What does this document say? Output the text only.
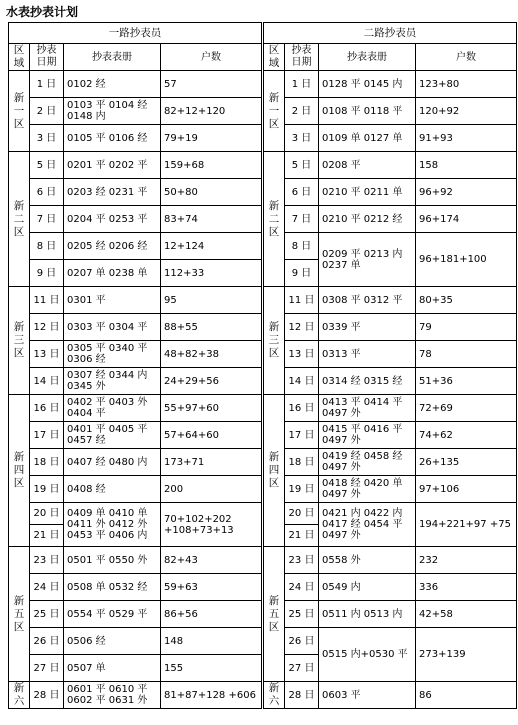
水表抄表计划
一路抄表员			
区域	抄表日期	抄表表册	户数
新一区	1 日	0102 经	57
	2 日	0103 平 0104 经 0148 内	82+12+120
	3 日	0105 平 0106 经	79+19
新二区	5 日	0201 平 0202 平	159+68
	6 日	0203 经 0231 平	50+80
	7 日	0204 平 0253 平	83+74
	8 日	0205 经 0206 经	12+124
	9 日	0207 单 0238 单	112+33
新三区	11 日	0301 平	95
	12 日	0303 平 0304 平	88+55
	13 日	0305 平 0340 平 0306 经	48+82+38
	14 日	0307 经 0344 内 0345 外	24+29+56
新四区	16 日	0402 平 0403 外 0404 平	55+97+60
	17 日	0401 平 0405 平 0457 经	57+64+60
	18 日	0407 经 0480 内	173+71
	19 日	0408 经	200
	20 日	0409 单 0410 单 0411 外 0412 外 0453 平 0406 内	70+102+202 +108+73+13
	21 日		
新五区	23 日	0501 平 0550 外	82+43
	24 日	0508 单 0532 经	59+63
	25 日	0554 平 0529 平	86+56
	26 日	0506 经	148
	27 日	0507 单	155
新六	28 日	0601 平 0610 平 0602 平 0631 外	81+87+128 +606
二路抄表员			
区域	抄表日期	抄表表册	户数
新一区	1 日	0128 平 0145 内	123+80
	2 日	0108 平 0118 平	120+92
	3 日	0109 单 0127 单	91+93
新二区	5 日	0208 平	158
	6 日	0210 平 0211 单	96+92
	7 日	0210 平 0212 经	96+174
	8 日	0209 平 0213 内 0237 单	96+181+100
	9 日		
新三区	11 日	0308 平 0312 平	80+35
	12 日	0339 平	79
	13 日	0313 平	78
	14 日	0314 经 0315 经	51+36
新四区	16 日	0413 平 0414 平 0497 外	72+69
	17 日	0415 平 0416 平 0497 外	74+62
	18 日	0419 经 0458 经 0497 外	26+135
	19 日	0418 经 0420 单 0497 外	97+106
	20 日	0421 内 0422 内 0417 经 0454 平 0497 外	194+221+97 +75
	21 日		
新五区	23 日	0558 外	232
	24 日	0549 内	336
	25 日	0511 内 0513 内	42+58
	26 日	0515 内+0530 平	273+139
	27 日		
新六	28 日	0603 平	86
